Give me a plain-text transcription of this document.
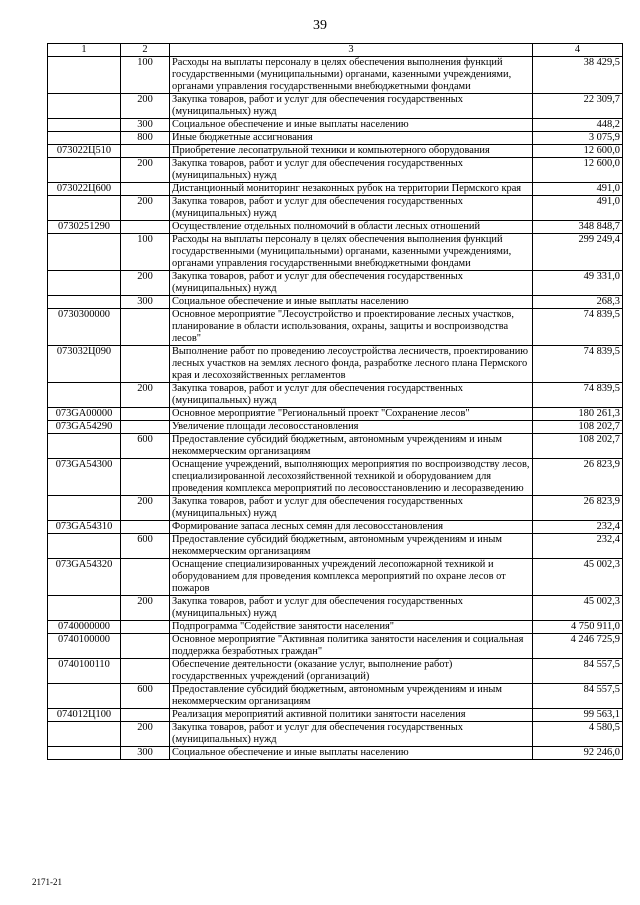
39
1	2	3	4
	100	Расходы на выплаты персоналу в целях обеспечения выполнения функций государственными (муниципальными) органами, казенными учреждениями, органами управления государственными внебюджетными фондами	38 429,5
	200	Закупка товаров, работ и услуг для обеспечения государственных (муниципальных) нужд	22 309,7
	300	Социальное обеспечение и иные выплаты населению	448,2
	800	Иные бюджетные ассигнования	3 075,9
073022Ц510		Приобретение лесопатрульной техники и компьютерного оборудования	12 600,0
	200	Закупка товаров, работ и услуг для обеспечения государственных (муниципальных) нужд	12 600,0
073022Ц600		Дистанционный мониторинг незаконных рубок на территории Пермского края	491,0
	200	Закупка товаров, работ и услуг для обеспечения государственных (муниципальных) нужд	491,0
0730251290		Осуществление отдельных полномочий в области лесных отношений	348 848,7
	100	Расходы на выплаты персоналу в целях обеспечения выполнения функций государственными (муниципальными) органами, казенными учреждениями, органами управления государственными внебюджетными фондами	299 249,4
	200	Закупка товаров, работ и услуг для обеспечения государственных (муниципальных) нужд	49 331,0
	300	Социальное обеспечение и иные выплаты населению	268,3
0730300000		Основное мероприятие "Лесоустройство и проектирование лесных участков, планирование в области использования, охраны, защиты и воспроизводства лесов"	74 839,5
073032Ц090		Выполнение работ по проведению лесоустройства лесничеств, проектированию лесных участков на землях лесного фонда, разработке лесного плана Пермского края и лесохозяйственных регламентов	74 839,5
	200	Закупка товаров, работ и услуг для обеспечения государственных (муниципальных) нужд	74 839,5
073GA00000		Основное мероприятие "Региональный проект "Сохранение лесов"	180 261,3
073GA54290		Увеличение площади лесовосстановления	108 202,7
	600	Предоставление субсидий бюджетным, автономным учреждениям и иным некоммерческим организациям	108 202,7
073GA54300		Оснащение учреждений, выполняющих мероприятия по воспроизводству лесов, специализированной лесохозяйственной техникой и оборудованием для проведения комплекса мероприятий по лесовосстановлению и лесоразведению	26 823,9
	200	Закупка товаров, работ и услуг для обеспечения государственных (муниципальных) нужд	26 823,9
073GA54310		Формирование запаса лесных семян для лесовосстановления	232,4
	600	Предоставление субсидий бюджетным, автономным учреждениям и иным некоммерческим организациям	232,4
073GA54320		Оснащение специализированных учреждений лесопожарной техникой и оборудованием для проведения комплекса мероприятий по охране лесов от пожаров	45 002,3
	200	Закупка товаров, работ и услуг для обеспечения государственных (муниципальных) нужд	45 002,3
0740000000		Подпрограмма "Содействие занятости населения"	4 750 911,0
0740100000		Основное мероприятие "Активная политика занятости населения и социальная поддержка безработных граждан"	4 246 725,9
0740100110		Обеспечение деятельности (оказание услуг, выполнение работ) государственных учреждений (организаций)	84 557,5
	600	Предоставление субсидий бюджетным, автономным учреждениям и иным некоммерческим организациям	84 557,5
074012Ц100		Реализация мероприятий активной политики занятости населения	99 563,1
	200	Закупка товаров, работ и услуг для обеспечения государственных (муниципальных) нужд	4 580,5
	300	Социальное обеспечение и иные выплаты населению	92 246,0
2171-21
